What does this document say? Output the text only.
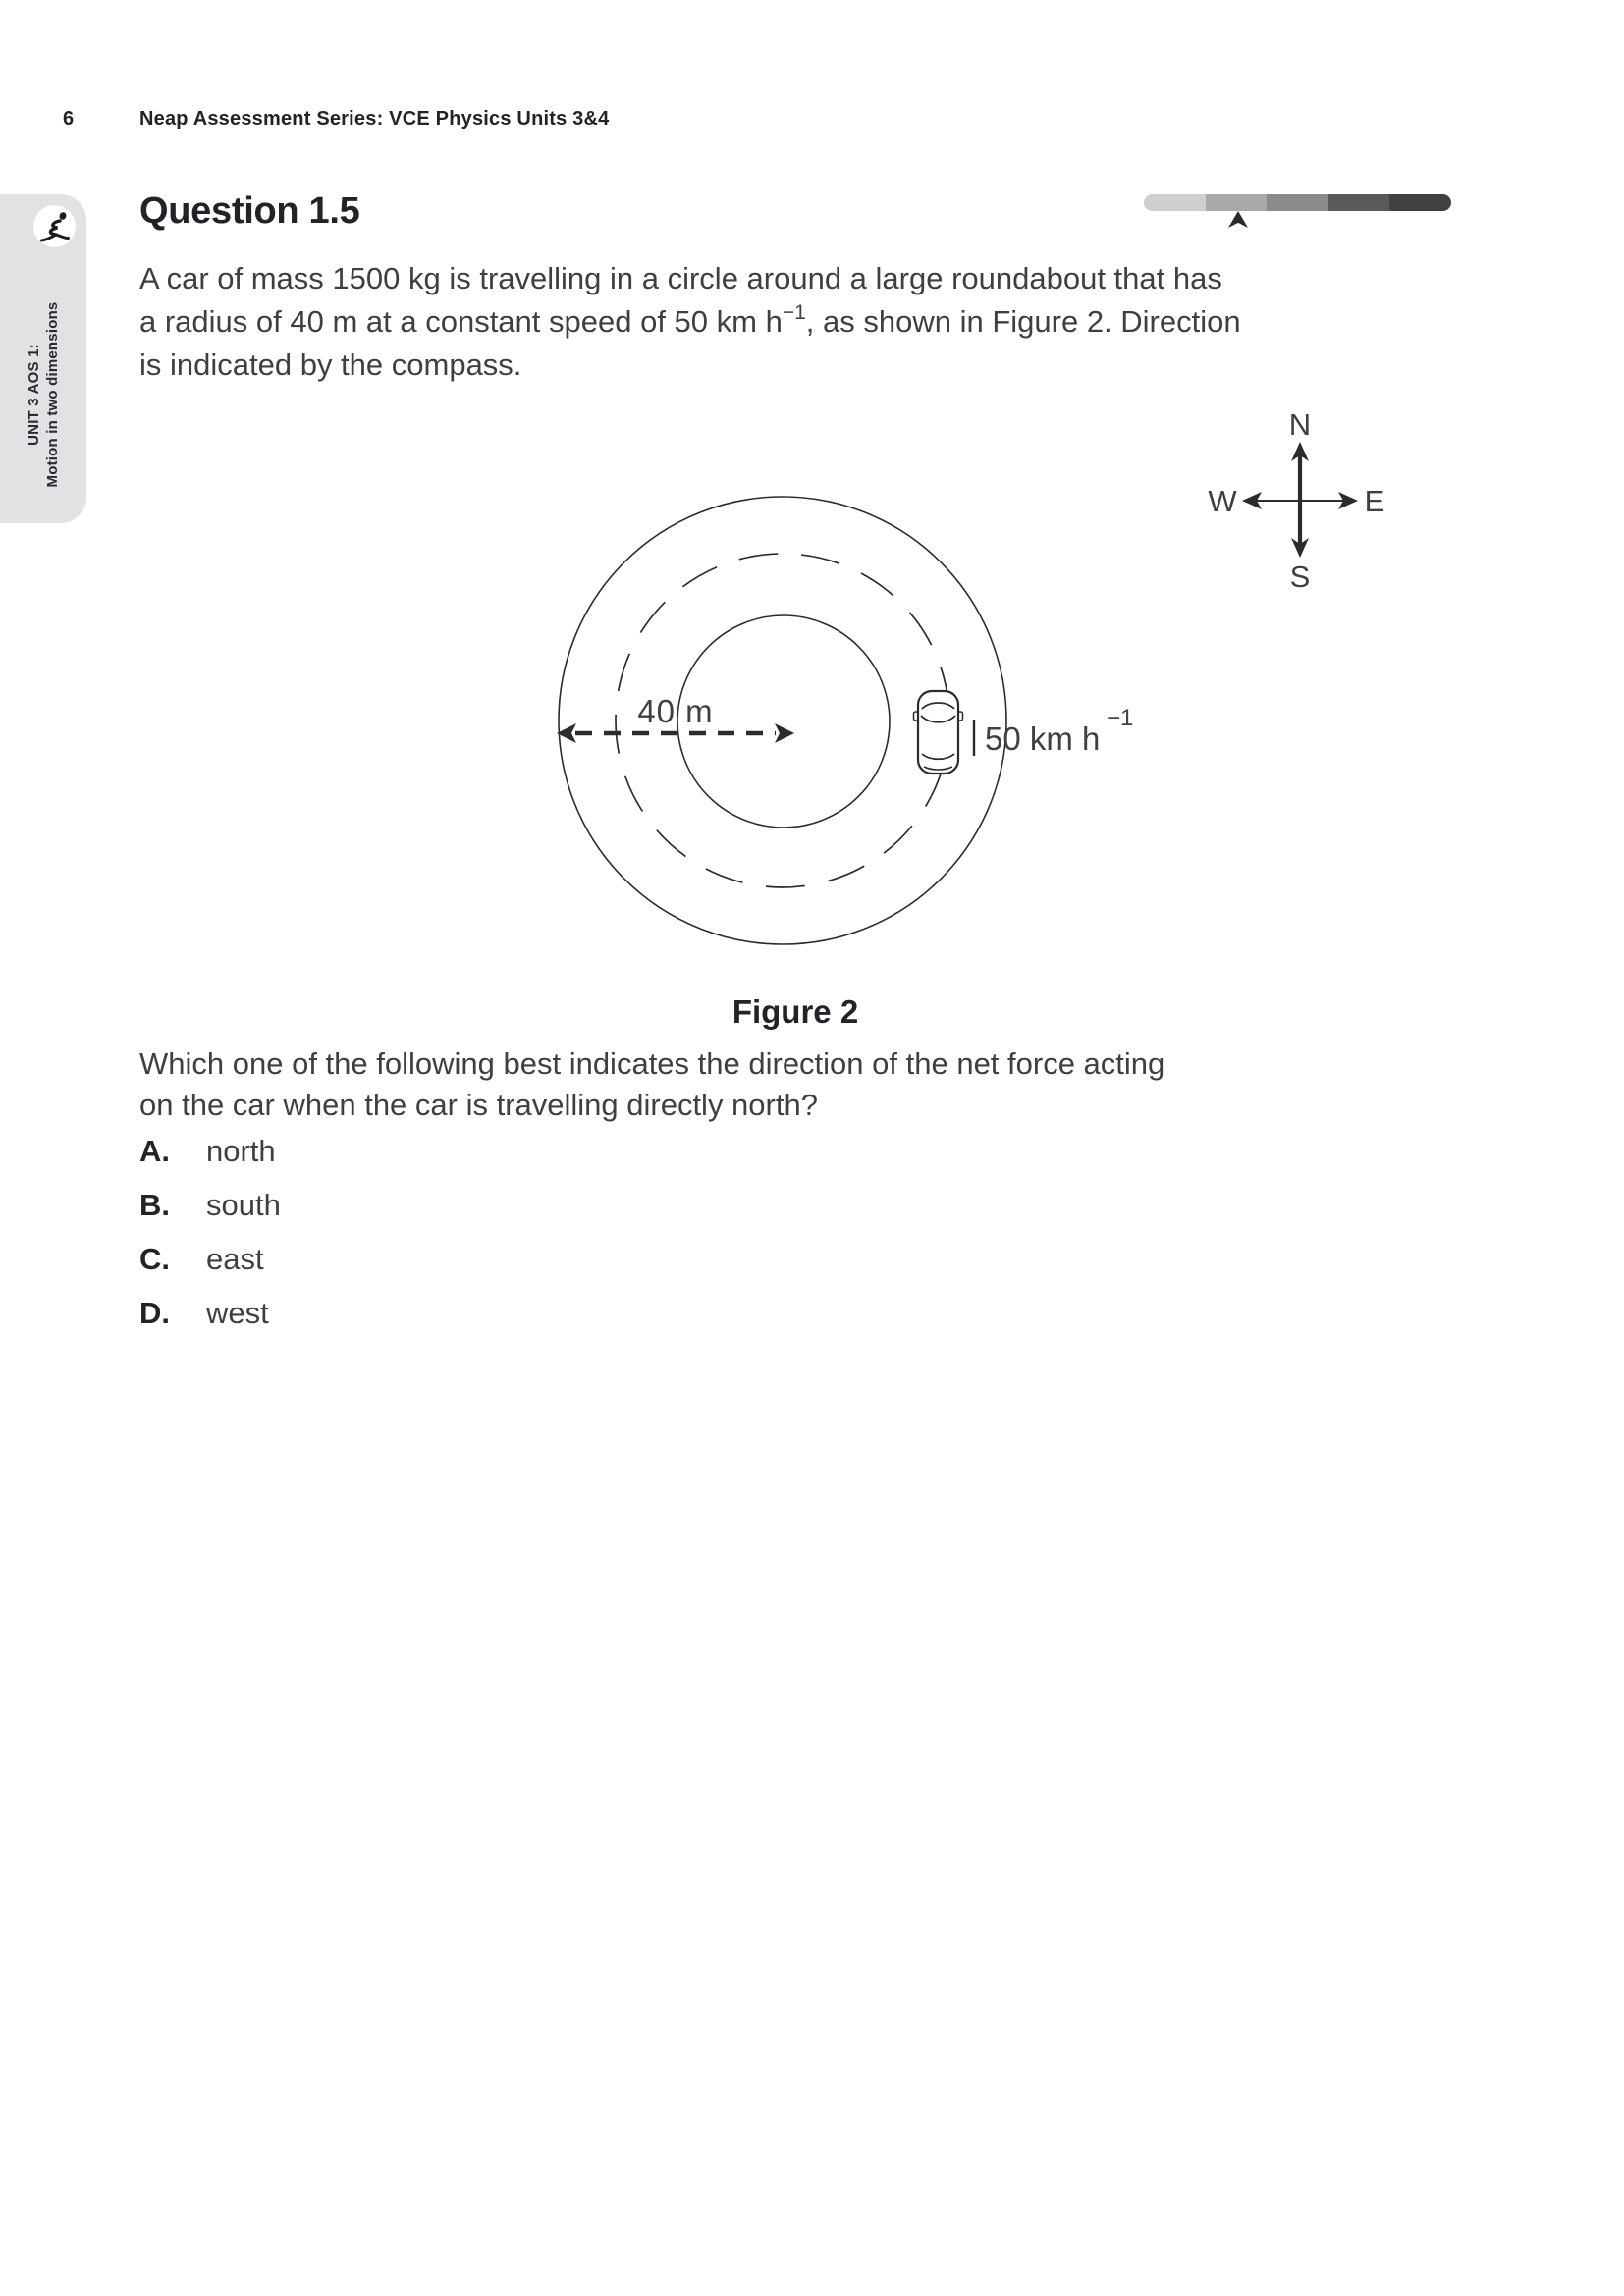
6	Neap Assessment Series: VCE Physics Units 3&4
UNIT 3 AOS 1: Motion in two dimensions
Question 1.5
A car of mass 1500 kg is travelling in a circle around a large roundabout that has
a radius of 40 m at a constant speed of 50 km $h^{-1}$, as shown in Figure 2. Direction
is indicated by the compass.
40 m
50 km h
−1
N
S
W	E
Figure 2
Which one of the following best indicates the direction of the net force acting
on the car when the car is travelling directly north?
A. north
B. south
C. east
D. west
